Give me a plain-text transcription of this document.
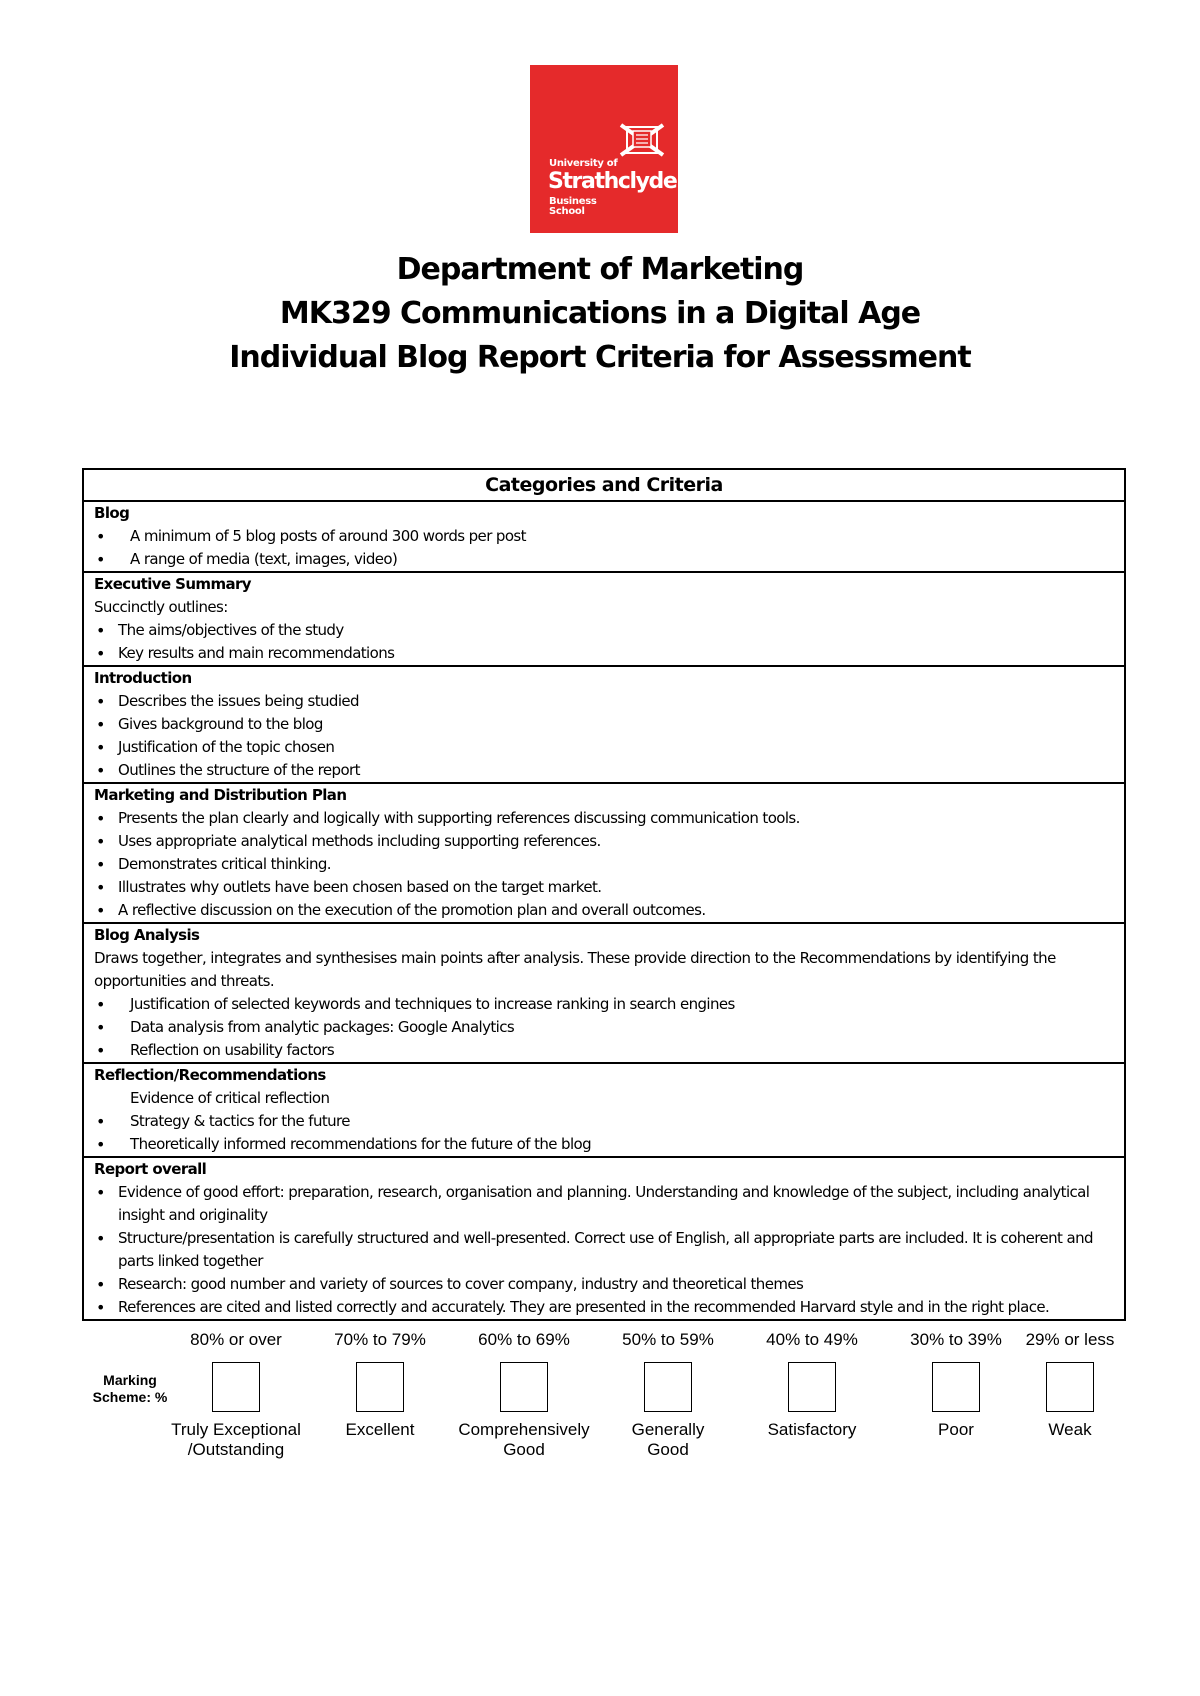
University of
Strathclyde
Business
School
Department of Marketing
MK329 Communications in a Digital Age
Individual Blog Report Criteria for Assessment
Categories and Criteria
Blog
• A minimum of 5 blog posts of around 300 words per post
• A range of media (text, images, video)
Executive Summary
Succinctly outlines:
• The aims/objectives of the study
• Key results and main recommendations
Introduction
• Describes the issues being studied
• Gives background to the blog
• Justification of the topic chosen
• Outlines the structure of the report
Marketing and Distribution Plan
• Presents the plan clearly and logically with supporting references discussing communication tools.
• Uses appropriate analytical methods including supporting references.
• Demonstrates critical thinking.
• Illustrates why outlets have been chosen based on the target market.
• A reflective discussion on the execution of the promotion plan and overall outcomes.
Blog Analysis
Draws together, integrates and synthesises main points after analysis. These provide direction to the Recommendations by identifying the opportunities and threats.
• Justification of selected keywords and techniques to increase ranking in search engines
• Data analysis from analytic packages: Google Analytics
• Reflection on usability factors
Reflection/Recommendations
Evidence of critical reflection
• Strategy & tactics for the future
• Theoretically informed recommendations for the future of the blog
Report overall
• Evidence of good effort: preparation, research, organisation and planning. Understanding and knowledge of the subject, including analytical insight and originality
• Structure/presentation is carefully structured and well-presented. Correct use of English, all appropriate parts are included. It is coherent and parts linked together
• Research: good number and variety of sources to cover company, industry and theoretical themes
• References are cited and listed correctly and accurately. They are presented in the recommended Harvard style and in the right place.
Marking
Scheme: %
80% or over
Truly Exceptional
/Outstanding
70% to 79%
Excellent

60% to 69%
Comprehensively
Good
50% to 59%
Generally
Good
40% to 49%
Satisfactory

30% to 39%
Poor

29% or less
Weak
